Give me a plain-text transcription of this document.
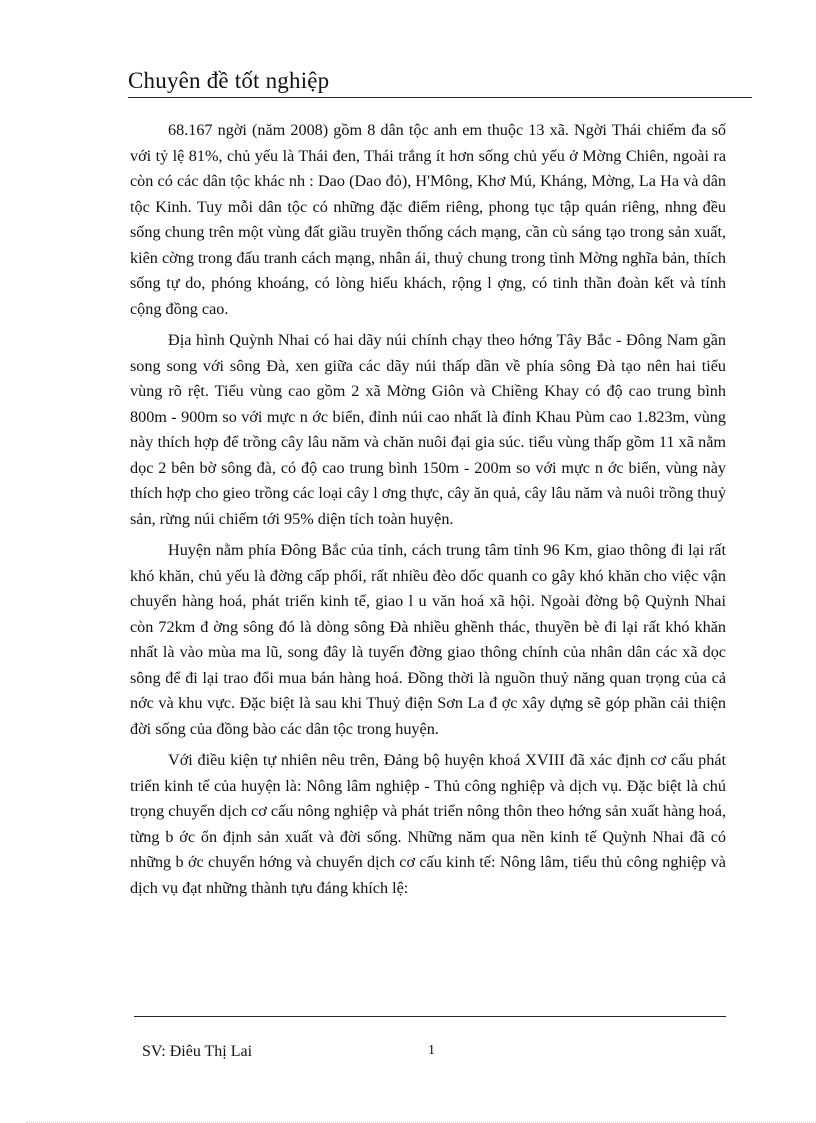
Chuyên đề tốt nghiệp

68.167 ngời (năm 2008) gồm 8 dân tộc anh em thuộc 13 xã. Ngời Thái chiếm đa số với tỷ lệ 81%, chủ yếu là Thái đen, Thái trắng ít hơn sống chủ yếu ở Mờng Chiên, ngoài ra còn có các dân tộc khác nh : Dao (Dao đỏ), H'Mông, Khơ Mú, Kháng, Mờng, La Ha và dân tộc Kinh. Tuy mỗi dân tộc có những đặc điểm riêng, phong tục tập quán riêng, nhng đều sống chung trên một vùng đất giầu truyền thống cách mạng, cần cù sáng tạo trong sản xuất, kiên cờng trong đấu tranh cách mạng, nhân ái, thuỷ chung trong tình Mờng nghĩa bản, thích sống tự do, phóng khoáng, có lòng hiếu khách, rộng l ợng, có tinh thần đoàn kết và tính cộng đồng cao.

Địa hình Quỳnh Nhai có hai dãy núi chính chạy theo hớng Tây Bắc - Đông Nam gần song song với sông Đà, xen giữa các dãy núi thấp dần về phía sông Đà tạo nên hai tiểu vùng rõ rệt. Tiểu vùng cao gồm 2 xã Mờng Giôn và Chiềng Khay có độ cao trung bình 800m - 900m so với mực n ớc biển, đỉnh núi cao nhất là đỉnh Khau Pùm cao 1.823m, vùng này thích hợp để trồng cây lâu năm và chăn nuôi đại gia súc. tiểu vùng thấp gồm 11 xã nằm dọc 2 bên bờ sông đà, có độ cao trung bình 150m - 200m so với mực n ớc biển, vùng này thích hợp cho gieo trồng các loại cây l ơng thực, cây ăn quả, cây lâu năm và nuôi trồng thuỷ sản, rừng núi chiếm tới 95% diện tích toàn huyện.

Huyện nằm phía Đông Bắc của tỉnh, cách trung tâm tỉnh 96 Km, giao thông đi lại rất khó khăn, chủ yếu là đờng cấp phối, rất nhiều đèo dốc quanh co gây khó khăn cho việc vận chuyển hàng hoá, phát triển kinh tế, giao l u văn hoá xã hội. Ngoài đờng bộ Quỳnh Nhai còn 72km đ ờng sông đó là dòng sông Đà nhiều ghềnh thác, thuyền bè đi lại rất khó khăn nhất là vào mùa ma lũ, song đây là tuyến đờng giao thông chính của nhân dân các xã dọc sông để đi lại trao đổi mua bán hàng hoá. Đồng thời là nguồn thuỷ năng quan trọng của cả nớc và khu vực. Đặc biệt là sau khi Thuỷ điện Sơn La đ ợc xây dựng sẽ góp phần cải thiện đời sống của đồng bào các dân tộc trong huyện.

Với điều kiện tự nhiên nêu trên, Đảng bộ huyện khoá XVIII đã xác định cơ cấu phát triển kinh tế của huyện là: Nông lâm nghiệp - Thủ công nghiệp và dịch vụ. Đặc biệt là chú trọng chuyển dịch cơ cấu nông nghiệp và phát triển nông thôn theo hớng sản xuất hàng hoá, từng b ớc ổn định sản xuất và đời sống. Những năm qua nền kinh tế Quỳnh Nhai đã có những b ớc chuyển hớng và chuyển dịch cơ cấu kinh tế: Nông lâm, tiểu thủ công nghiệp và dịch vụ đạt những thành tựu đáng khích lệ:

SV: Điêu Thị Lai	1
